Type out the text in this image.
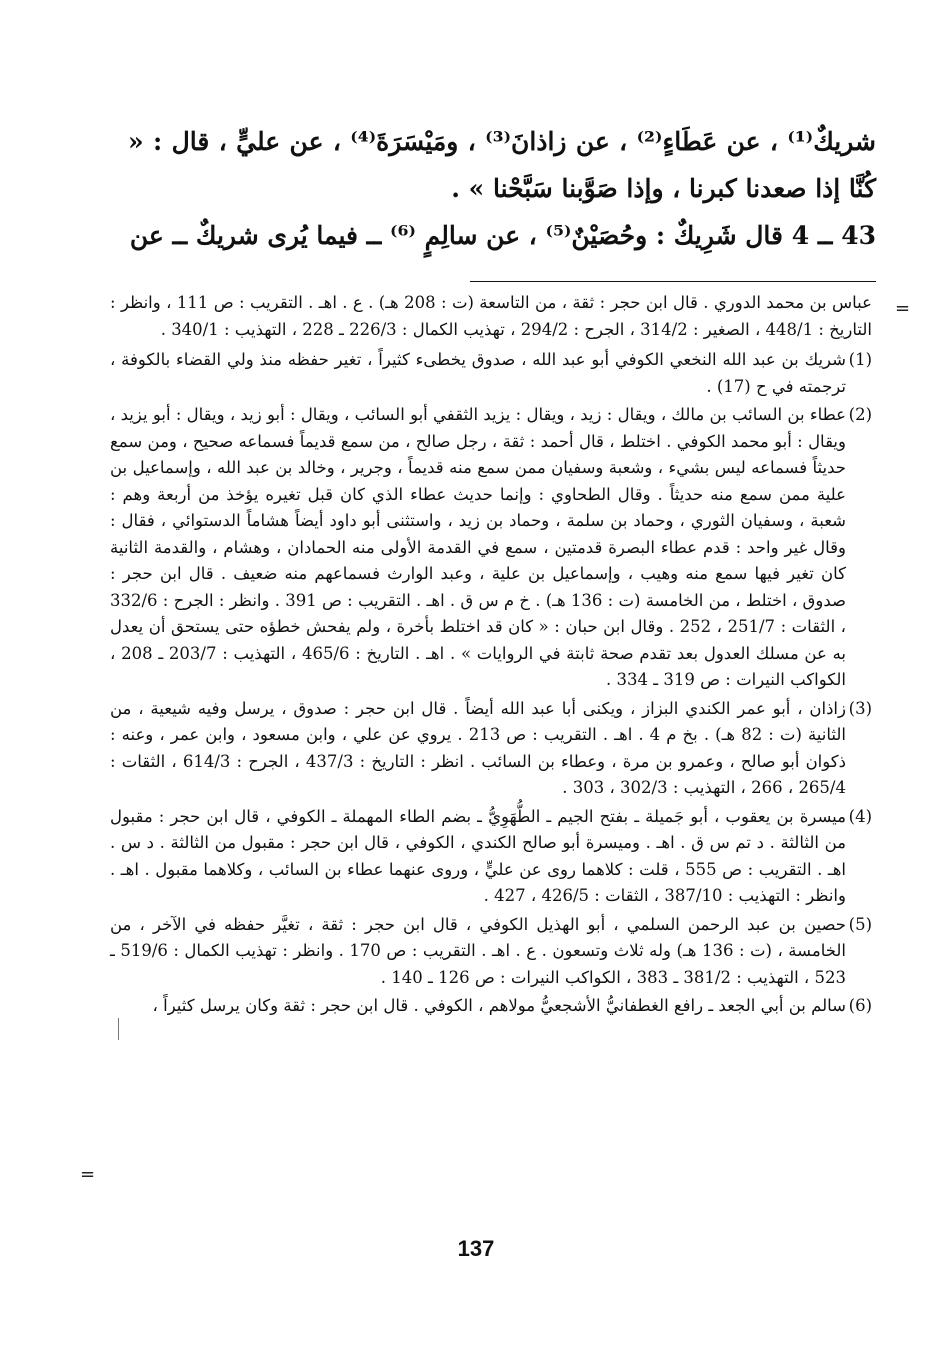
شريكٌ⁽¹⁾ ، عن عَطَاءٍ⁽²⁾ ، عن زاذانَ⁽³⁾ ، ومَيْسَرَةَ⁽⁴⁾ ، عن عليٍّ ، قال : « كُنَّا إذا صعدنا كبرنا ، وإذا صَوَّبنا سَبَّحْنا » .

43 ــ 4 قال شَرِيكٌ : وحُصَيْنٌ⁽⁵⁾ ، عن سالِمٍ ⁽⁶⁾ ــ فيما يُرى شريكٌ ــ عن

=

عباس بن محمد الدوري . قال ابن حجر : ثقة ، من التاسعة (ت : 208 هـ) . ع . اهـ . التقريب : ص 111 ، وانظر : التاريخ : 448/1 ، الصغير : 314/2 ، الجرح : 294/2 ، تهذيب الكمال : 226/3 ـ 228 ، التهذيب : 340/1 .

(1)
شريك بن عبد الله النخعي الكوفي أبو عبد الله ، صدوق يخطىء كثيراً ، تغير حفظه منذ ولي القضاء بالكوفة ، ترجمته في ح (17) .

(2)
عطاء بن السائب بن مالك ، ويقال : زيد ، ويقال : يزيد الثقفي أبو السائب ، ويقال : أبو زيد ، ويقال : أبو يزيد ، ويقال : أبو محمد الكوفي . اختلط ، قال أحمد : ثقة ، رجل صالح ، من سمع قديماً فسماعه صحيح ، ومن سمع حديثاً فسماعه ليس بشيء ، وشعبة وسفيان ممن سمع منه قديماً ، وجرير ، وخالد بن عبد الله ، وإسماعيل بن علية ممن سمع منه حديثاً . وقال الطحاوي : وإنما حديث عطاء الذي كان قبل تغيره يؤخذ من أربعة وهم : شعبة ، وسفيان الثوري ، وحماد بن سلمة ، وحماد بن زيد ، واستثنى أبو داود أيضاً هشاماً الدستوائي ، فقال : وقال غير واحد : قدم عطاء البصرة قدمتين ، سمع في القدمة الأولى منه الحمادان ، وهشام ، والقدمة الثانية كان تغير فيها سمع منه وهيب ، وإسماعيل بن علية ، وعبد الوارث فسماعهم منه ضعيف . قال ابن حجر : صدوق ، اختلط ، من الخامسة (ت : 136 هـ) . خ م س ق . اهـ . التقريب : ص 391 . وانظر : الجرح : 332/6 ، الثقات : 251/7 ، 252 . وقال ابن حبان : « كان قد اختلط بأخرة ، ولم يفحش خطؤه حتى يستحق أن يعدل به عن مسلك العدول بعد تقدم صحة ثابتة في الروايات » . اهـ . التاريخ : 465/6 ، التهذيب : 203/7 ـ 208 ، الكواكب النيرات : ص 319 ـ 334 .

(3)
زاذان ، أبو عمر الكندي البزاز ، ويكنى أبا عبد الله أيضاً . قال ابن حجر : صدوق ، يرسل وفيه شيعية ، من الثانية (ت : 82 هـ) . بخ م 4 . اهـ . التقريب : ص 213 . يروي عن علي ، وابن مسعود ، وابن عمر ، وعنه : ذكوان أبو صالح ، وعمرو بن مرة ، وعطاء بن السائب . انظر : التاريخ : 437/3 ، الجرح : 614/3 ، الثقات : 265/4 ، 266 ، التهذيب : 302/3 ، 303 .

(4)
ميسرة بن يعقوب ، أبو جَميلة ـ بفتح الجيم ـ الطُّهَوِيُّ ـ بضم الطاء المهملة ـ الكوفي ، قال ابن حجر : مقبول من الثالثة . د تم س ق . اهـ . وميسرة أبو صالح الكندي ، الكوفي ، قال ابن حجر : مقبول من الثالثة . د س . اهـ . التقريب : ص 555 ، قلت : كلاهما روى عن عليٍّ ، وروى عنهما عطاء بن السائب ، وكلاهما مقبول . اهـ . وانظر : التهذيب : 387/10 ، الثقات : 426/5 ، 427 .

(5)
حصين بن عبد الرحمن السلمي ، أبو الهذيل الكوفي ، قال ابن حجر : ثقة ، تغيَّر حفظه في الآخر ، من الخامسة ، (ت : 136 هـ) وله ثلاث وتسعون . ع . اهـ . التقريب : ص 170 . وانظر : تهذيب الكمال : 519/6 ـ 523 ، التهذيب : 381/2 ـ 383 ، الكواكب النيرات : ص 126 ـ 140 .

(6)
سالم بن أبي الجعد ـ رافع الغطفانيُّ الأشجعيُّ مولاهم ، الكوفي . قال ابن حجر : ثقة وكان يرسل كثيراً ،

=
137
